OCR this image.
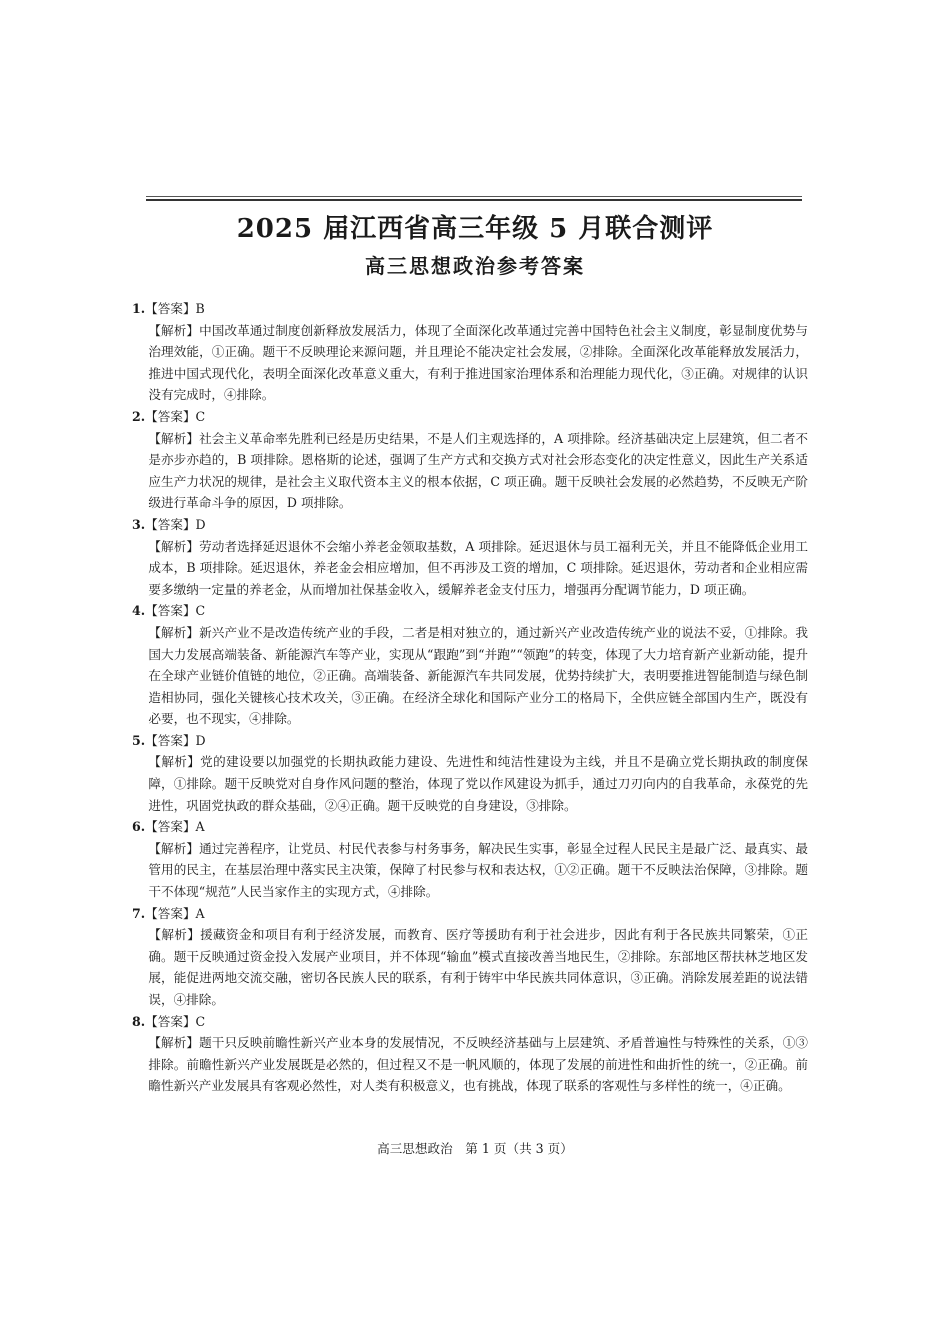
2025 届江西省高三年级 5 月联合测评
高三思想政治参考答案

1.【答案】B

【解析】中国改革通过制度创新释放发展活力，体现了全面深化改革通过完善中国特色社会主义制度，彰显制度优势与治理效能，①正确。题干不反映理论来源问题，并且理论不能决定社会发展，②排除。全面深化改革能释放发展活力，推进中国式现代化，表明全面深化改革意义重大，有利于推进国家治理体系和治理能力现代化，③正确。对规律的认识没有完成时，④排除。

2.【答案】C

【解析】社会主义革命率先胜利已经是历史结果，不是人们主观选择的，A 项排除。经济基础决定上层建筑，但二者不是亦步亦趋的，B 项排除。恩格斯的论述，强调了生产方式和交换方式对社会形态变化的决定性意义，因此生产关系适应生产力状况的规律，是社会主义取代资本主义的根本依据，C 项正确。题干反映社会发展的必然趋势，不反映无产阶级进行革命斗争的原因，D 项排除。

3.【答案】D

【解析】劳动者选择延迟退休不会缩小养老金领取基数，A 项排除。延迟退休与员工福利无关，并且不能降低企业用工成本，B 项排除。延迟退休，养老金会相应增加，但不再涉及工资的增加，C 项排除。延迟退休，劳动者和企业相应需要多缴纳一定量的养老金，从而增加社保基金收入，缓解养老金支付压力，增强再分配调节能力，D 项正确。

4.【答案】C

【解析】新兴产业不是改造传统产业的手段，二者是相对独立的，通过新兴产业改造传统产业的说法不妥，①排除。我国大力发展高端装备、新能源汽车等产业，实现从“跟跑”到“并跑”“领跑”的转变，体现了大力培育新产业新动能，提升在全球产业链价值链的地位，②正确。高端装备、新能源汽车共同发展，优势持续扩大，表明要推进智能制造与绿色制造相协同，强化关键核心技术攻关，③正确。在经济全球化和国际产业分工的格局下，全供应链全部国内生产，既没有必要，也不现实，④排除。

5.【答案】D

【解析】党的建设要以加强党的长期执政能力建设、先进性和纯洁性建设为主线，并且不是确立党长期执政的制度保障，①排除。题干反映党对自身作风问题的整治，体现了党以作风建设为抓手，通过刀刃向内的自我革命，永葆党的先进性，巩固党执政的群众基础，②④正确。题干反映党的自身建设，③排除。

6.【答案】A

【解析】通过完善程序，让党员、村民代表参与村务事务，解决民生实事，彰显全过程人民民主是最广泛、最真实、最管用的民主，在基层治理中落实民主决策，保障了村民参与权和表达权，①②正确。题干不反映法治保障，③排除。题干不体现“规范”人民当家作主的实现方式，④排除。

7.【答案】A

【解析】援藏资金和项目有利于经济发展，而教育、医疗等援助有利于社会进步，因此有利于各民族共同繁荣，①正确。题干反映通过资金投入发展产业项目，并不体现“输血”模式直接改善当地民生，②排除。东部地区帮扶林芝地区发展，能促进两地交流交融，密切各民族人民的联系，有利于铸牢中华民族共同体意识，③正确。消除发展差距的说法错误，④排除。

8.【答案】C

【解析】题干只反映前瞻性新兴产业本身的发展情况，不反映经济基础与上层建筑、矛盾普遍性与特殊性的关系，①③排除。前瞻性新兴产业发展既是必然的，但过程又不是一帆风顺的，体现了发展的前进性和曲折性的统一，②正确。前瞻性新兴产业发展具有客观必然性，对人类有积极意义，也有挑战，体现了联系的客观性与多样性的统一，④正确。

高三思想政治　第 1 页（共 3 页）
